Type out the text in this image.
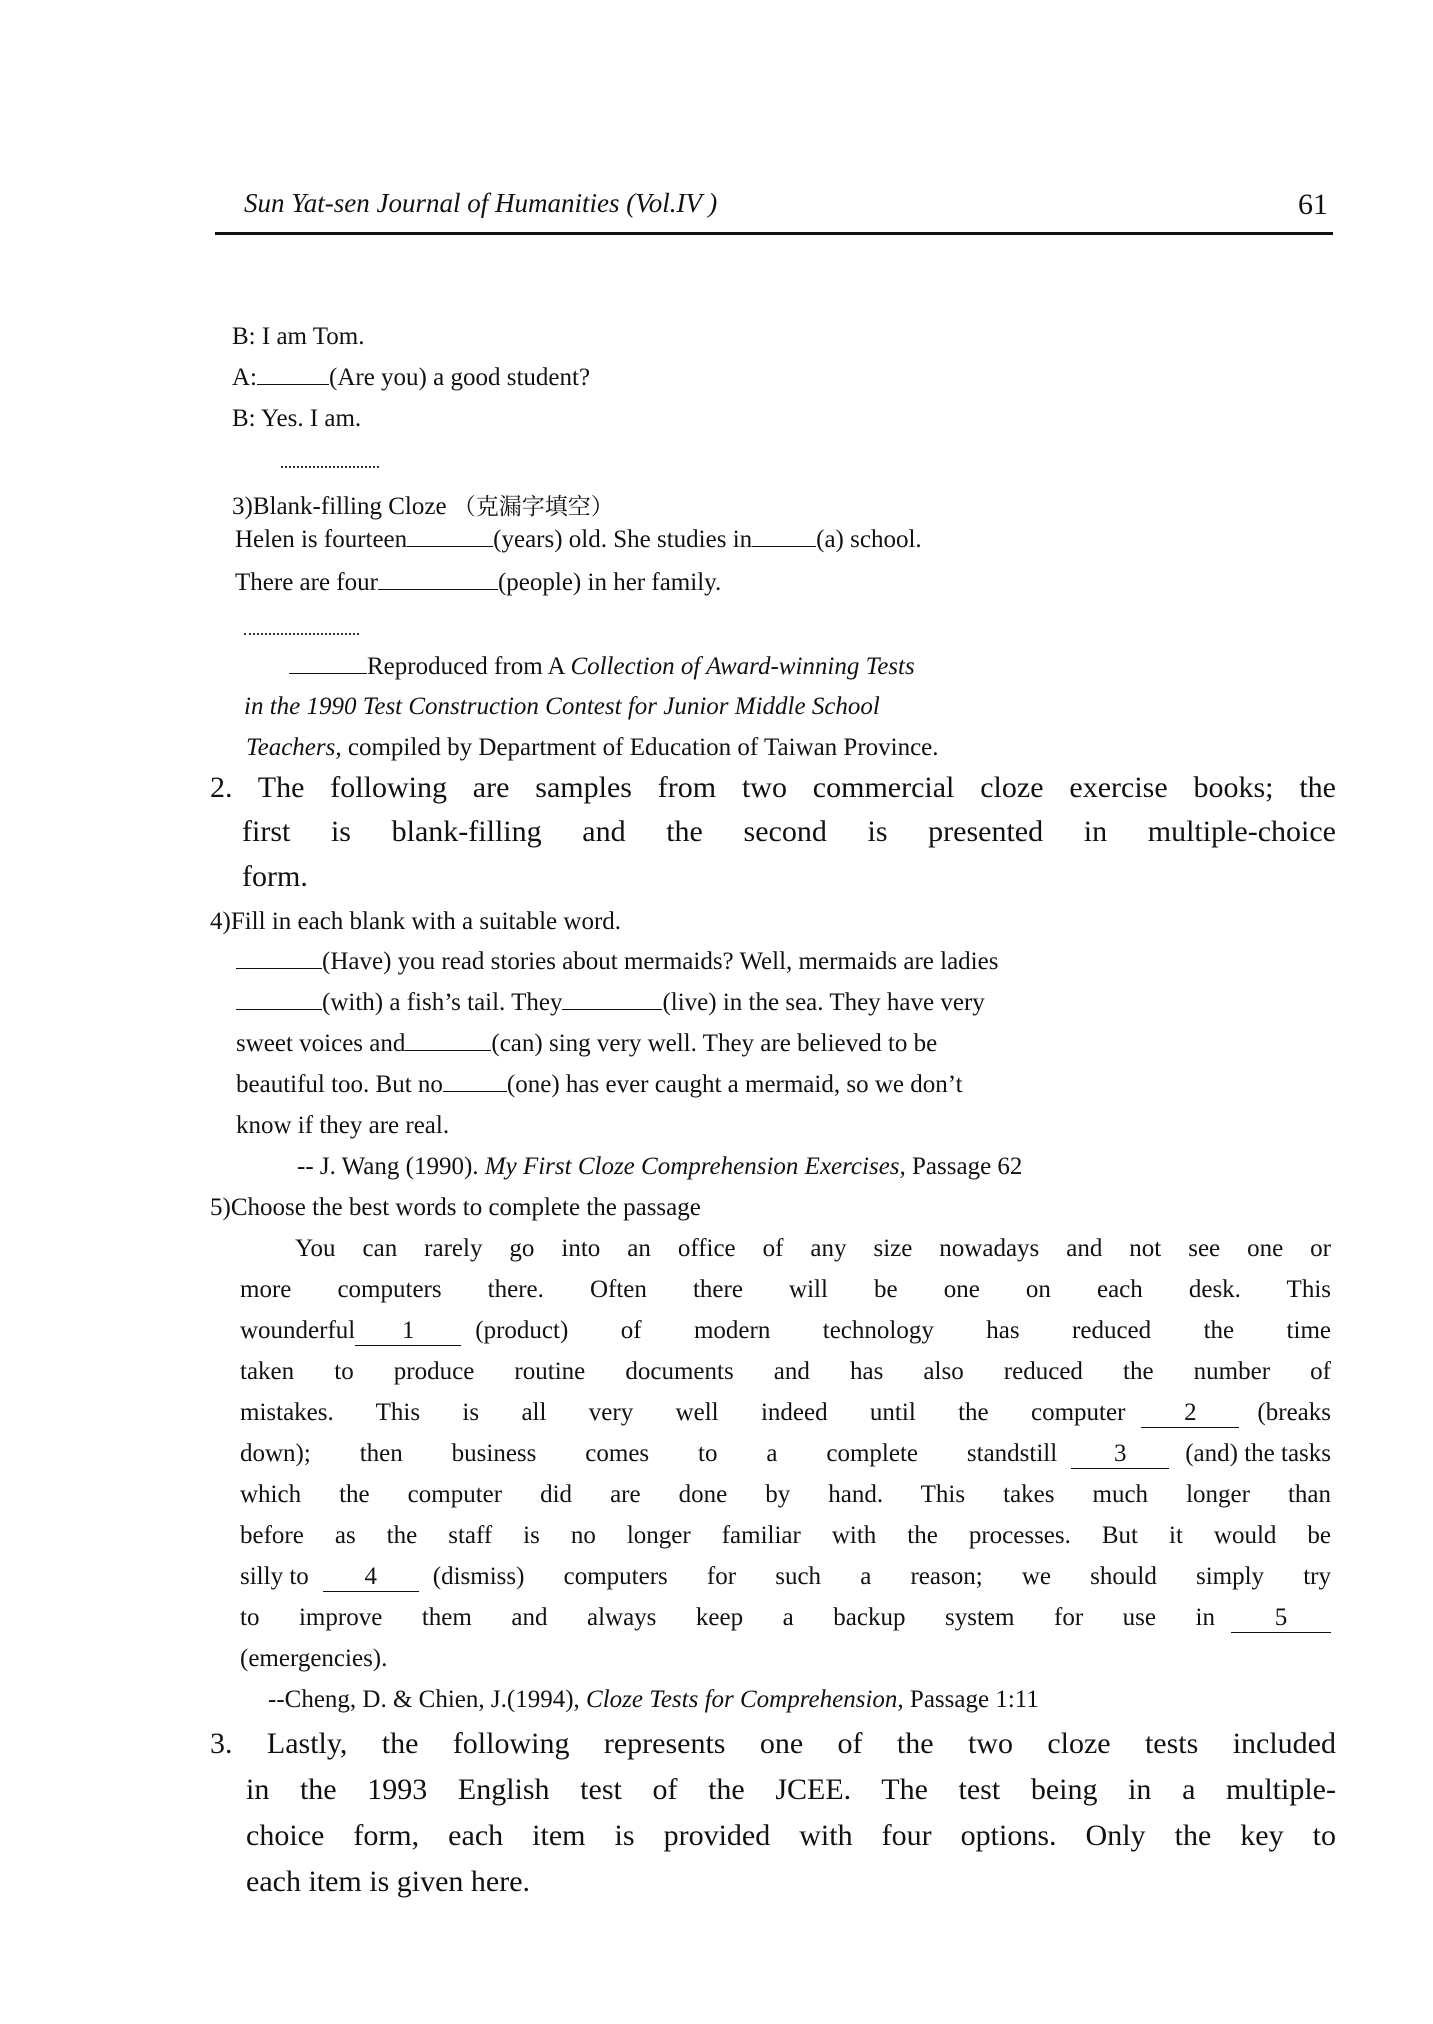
Sun Yat-sen Journal of Humanities (Vol.IV )	61
B: I am Tom.
A:	(Are you) a good student?
B: Yes. I am.
3)Blank-filling Cloze （克漏字填空）
Helen is fourteen	(years) old. She studies in	(a) school.
There are four	(people) in her family.
Reproduced from A Collection of Award-winning Tests
in the 1990 Test Construction Contest for Junior Middle School
Teachers, compiled by Department of Education of Taiwan Province.
2. The following are samples from two commercial cloze exercise books; the
first is blank-filling and the second is presented in multiple-choice
form.
4)Fill in each blank with a suitable word.
(Have) you read stories about mermaids? Well, mermaids are ladies
(with) a fish’s tail. They	(live) in the sea. They have very
sweet voices and	(can) sing very well. They are believed to be
beautiful too. But no	(one) has ever caught a mermaid, so we don’t
know if they are real.
-- J. Wang (1990). My First Cloze Comprehension Exercises, Passage 62
5)Choose the best words to complete the passage
You can rarely go into an office of any size nowadays and not see one or
more computers there. Often there will be one on each desk. This
wounderful	1	(product) of modern technology has reduced the time
taken to produce routine documents and has also reduced the number of
mistakes. This is all very well indeed until the computer	2	(breaks
down); then business comes to a complete standstill	3	(and) the tasks
which the computer did are done by hand. This takes much longer than
before as the staff is no longer familiar with the processes. But it would be
silly to	4	(dismiss) computers for such a reason; we should simply try
to improve them and always keep a backup system for use in	5
(emergencies).
--Cheng, D. & Chien, J.(1994), Cloze Tests for Comprehension, Passage 1:11
3. Lastly, the following represents one of the two cloze tests included
in the 1993 English test of the JCEE. The test being in a multiple-
choice form, each item is provided with four options. Only the key to
each item is given here.
